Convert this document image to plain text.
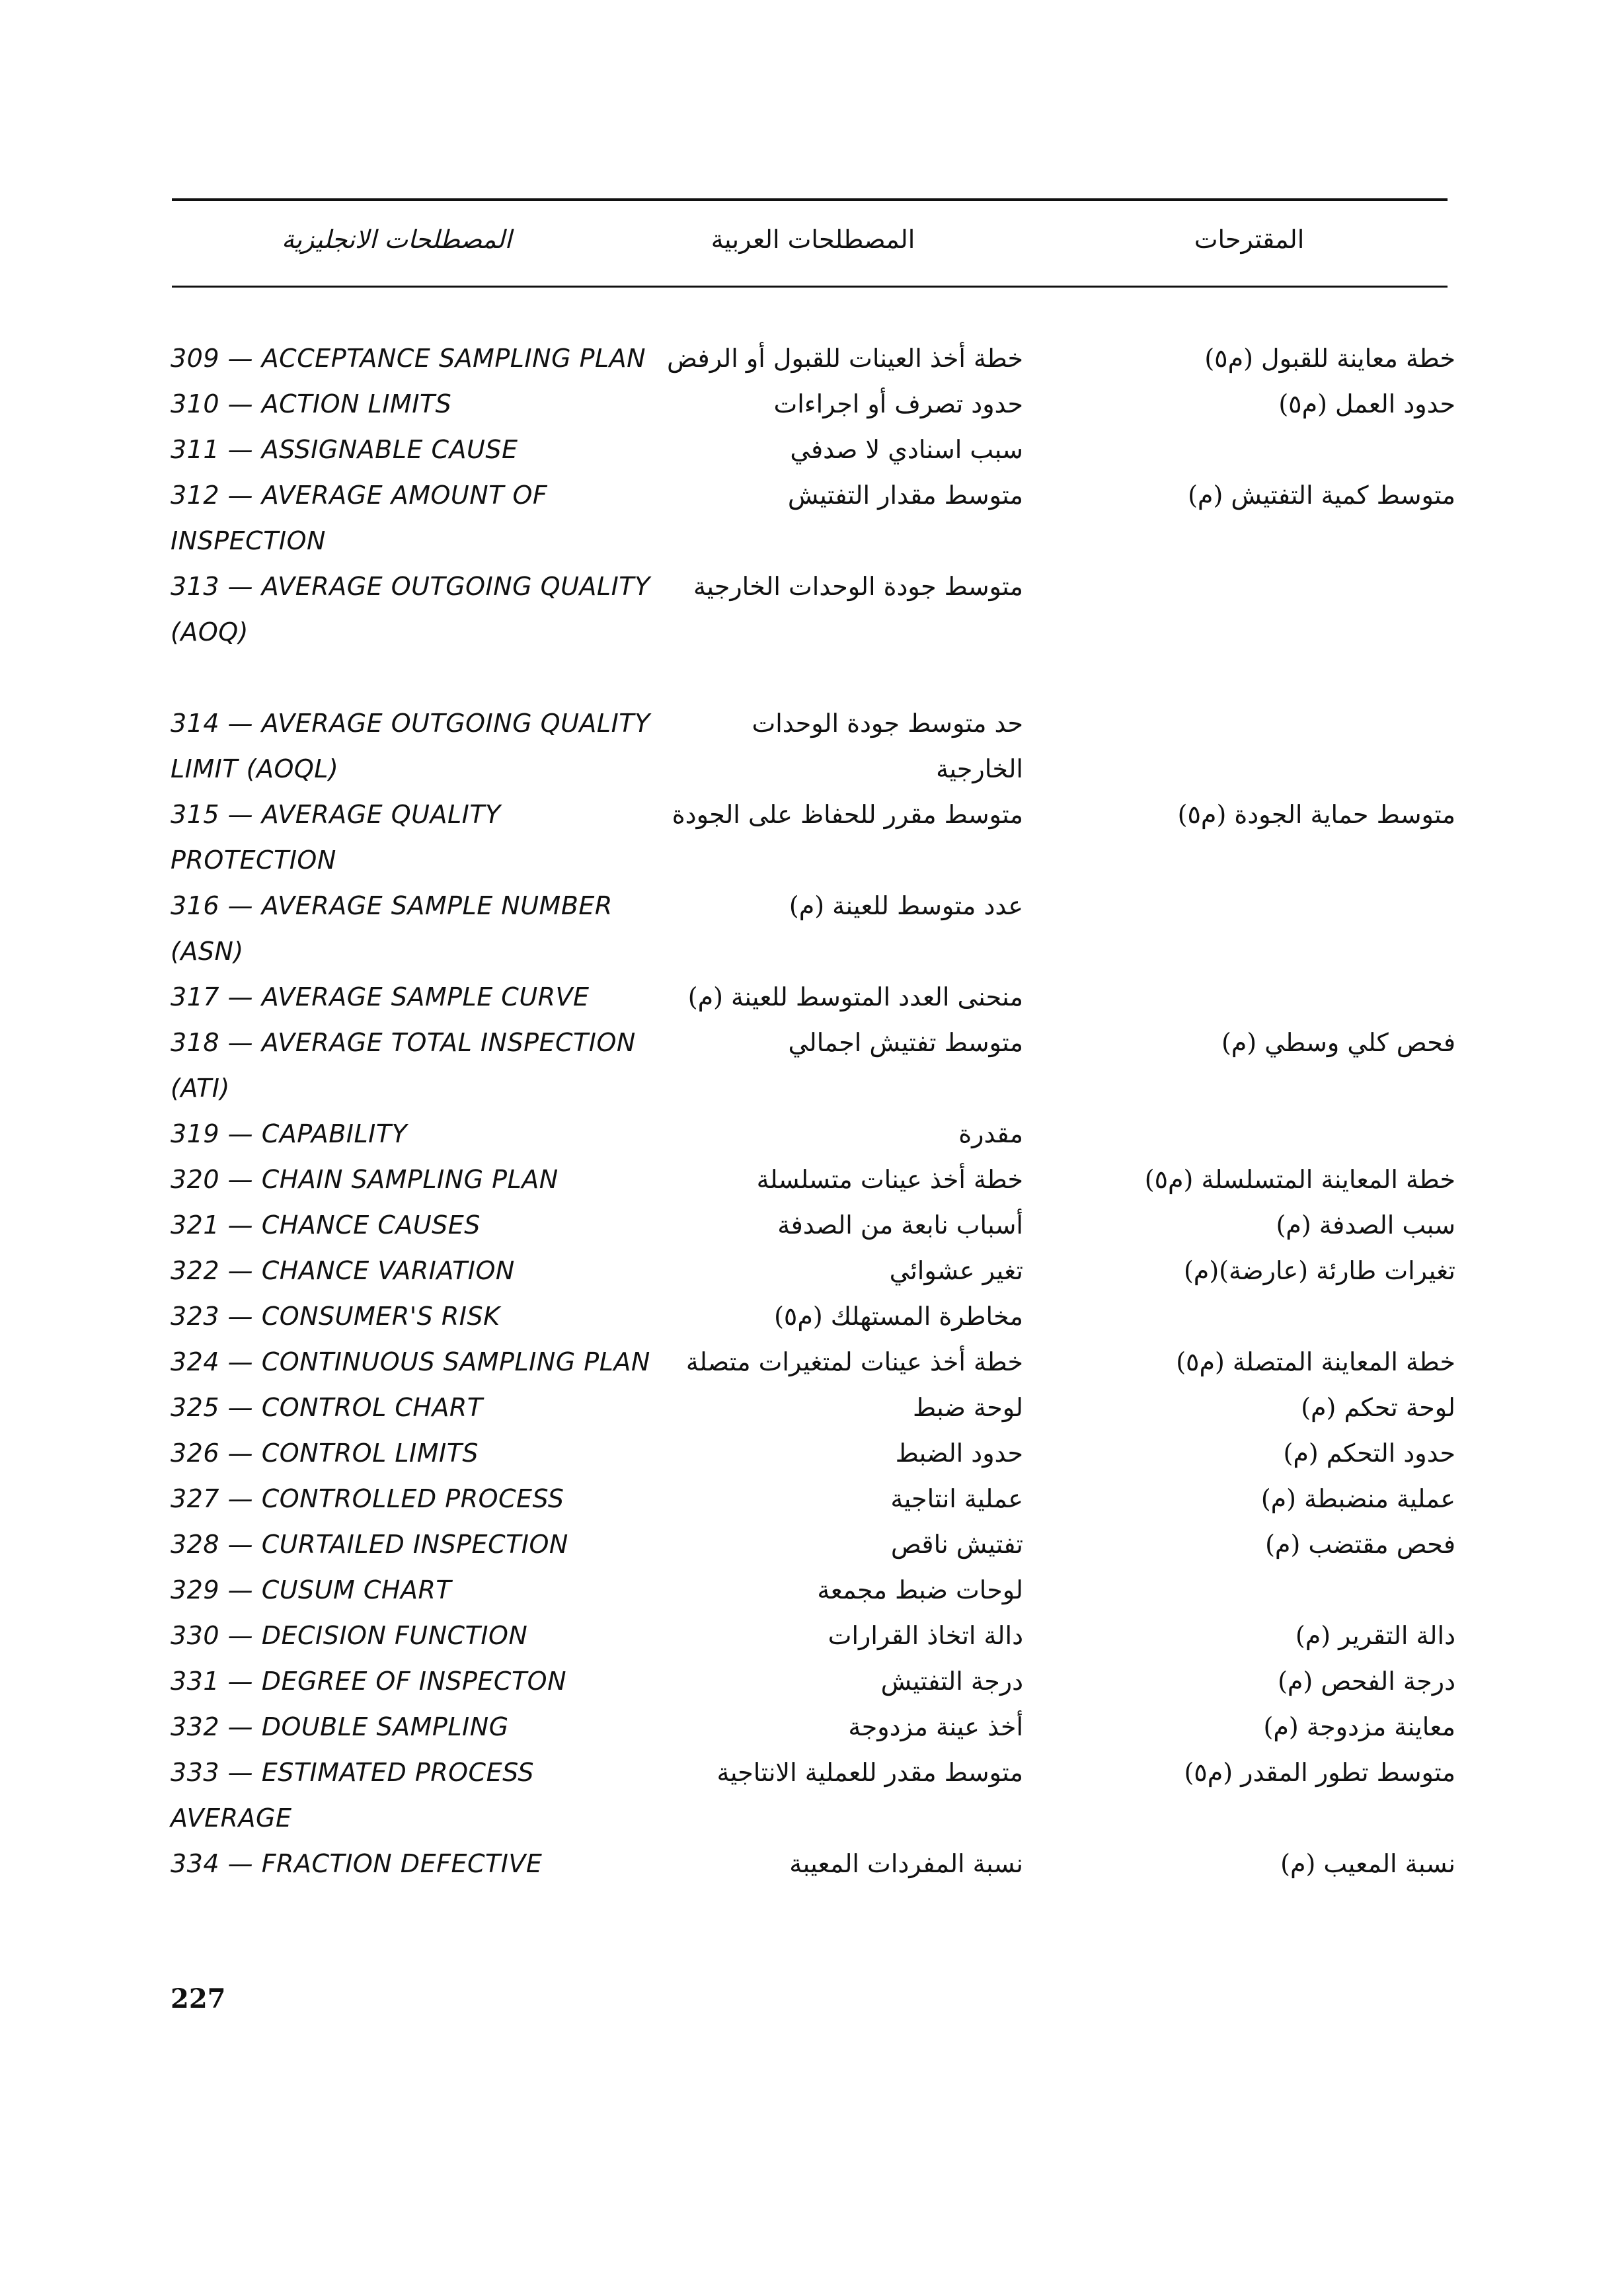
المصطلحات الانجليزية	المصطلحات العربية	المقترحات
309 — ACCEPTANCE SAMPLING PLAN خطة أخذ العينات للقبول أو الرفض	خطة معاينة للقبول (م٥)
310 — ACTION LIMITS	حدود تصرف أو اجراءات	حدود العمل (م٥)
311 — ASSIGNABLE CAUSE	سبب اسنادي لا صدفي
312 — AVERAGE AMOUNT OF	متوسط مقدار التفتيش	متوسط كمية التفتيش (م)
INSPECTION
313 — AVERAGE OUTGOING QUALITY	متوسط جودة الوحدات الخارجية
(AOQ)
314 — AVERAGE OUTGOING QUALITY	حد متوسط جودة الوحدات
LIMIT (AOQL)	الخارجية
315 — AVERAGE QUALITY	متوسط مقرر للحفاظ على الجودة	متوسط حماية الجودة (م٥)
PROTECTION
316 — AVERAGE SAMPLE NUMBER	عدد متوسط للعينة (م)
(ASN)
317 — AVERAGE SAMPLE CURVE	منحنى العدد المتوسط للعينة (م)
318 — AVERAGE TOTAL INSPECTION	متوسط تفتيش اجمالي	فحص كلي وسطي (م)
(ATI)
319 — CAPABILITY	مقدرة
320 — CHAIN SAMPLING PLAN	خطة أخذ عينات متسلسلة	خطة المعاينة المتسلسلة (م٥)
321 — CHANCE CAUSES	أسباب نابعة من الصدفة	سبب الصدفة (م)
322 — CHANCE VARIATION	تغير عشوائي	تغيرات طارئة (عارضة)(م)
323 — CONSUMER'S RISK	مخاطرة المستهلك (م٥)
324 — CONTINUOUS SAMPLING PLAN	خطة أخذ عينات لمتغيرات متصلة	خطة المعاينة المتصلة (م٥)
325 — CONTROL CHART	لوحة ضبط	لوحة تحكم (م)
326 — CONTROL LIMITS	حدود الضبط	حدود التحكم (م)
327 — CONTROLLED PROCESS	عملية انتاجية	عملية منضبطة (م)
328 — CURTAILED INSPECTION	تفتيش ناقص	فحص مقتضب (م)
329 — CUSUM CHART	لوحات ضبط مجمعة
330 — DECISION FUNCTION	دالة اتخاذ القرارات	دالة التقرير (م)
331 — DEGREE OF INSPECTON	درجة التفتيش	درجة الفحص (م)
332 — DOUBLE SAMPLING	أخذ عينة مزدوجة	معاينة مزدوجة (م)
333 — ESTIMATED PROCESS	متوسط مقدر للعملية الانتاجية	متوسط تطور المقدر (م٥)
AVERAGE
334 — FRACTION DEFECTIVE	نسبة المفردات المعيبة	نسبة المعيب (م)
227
